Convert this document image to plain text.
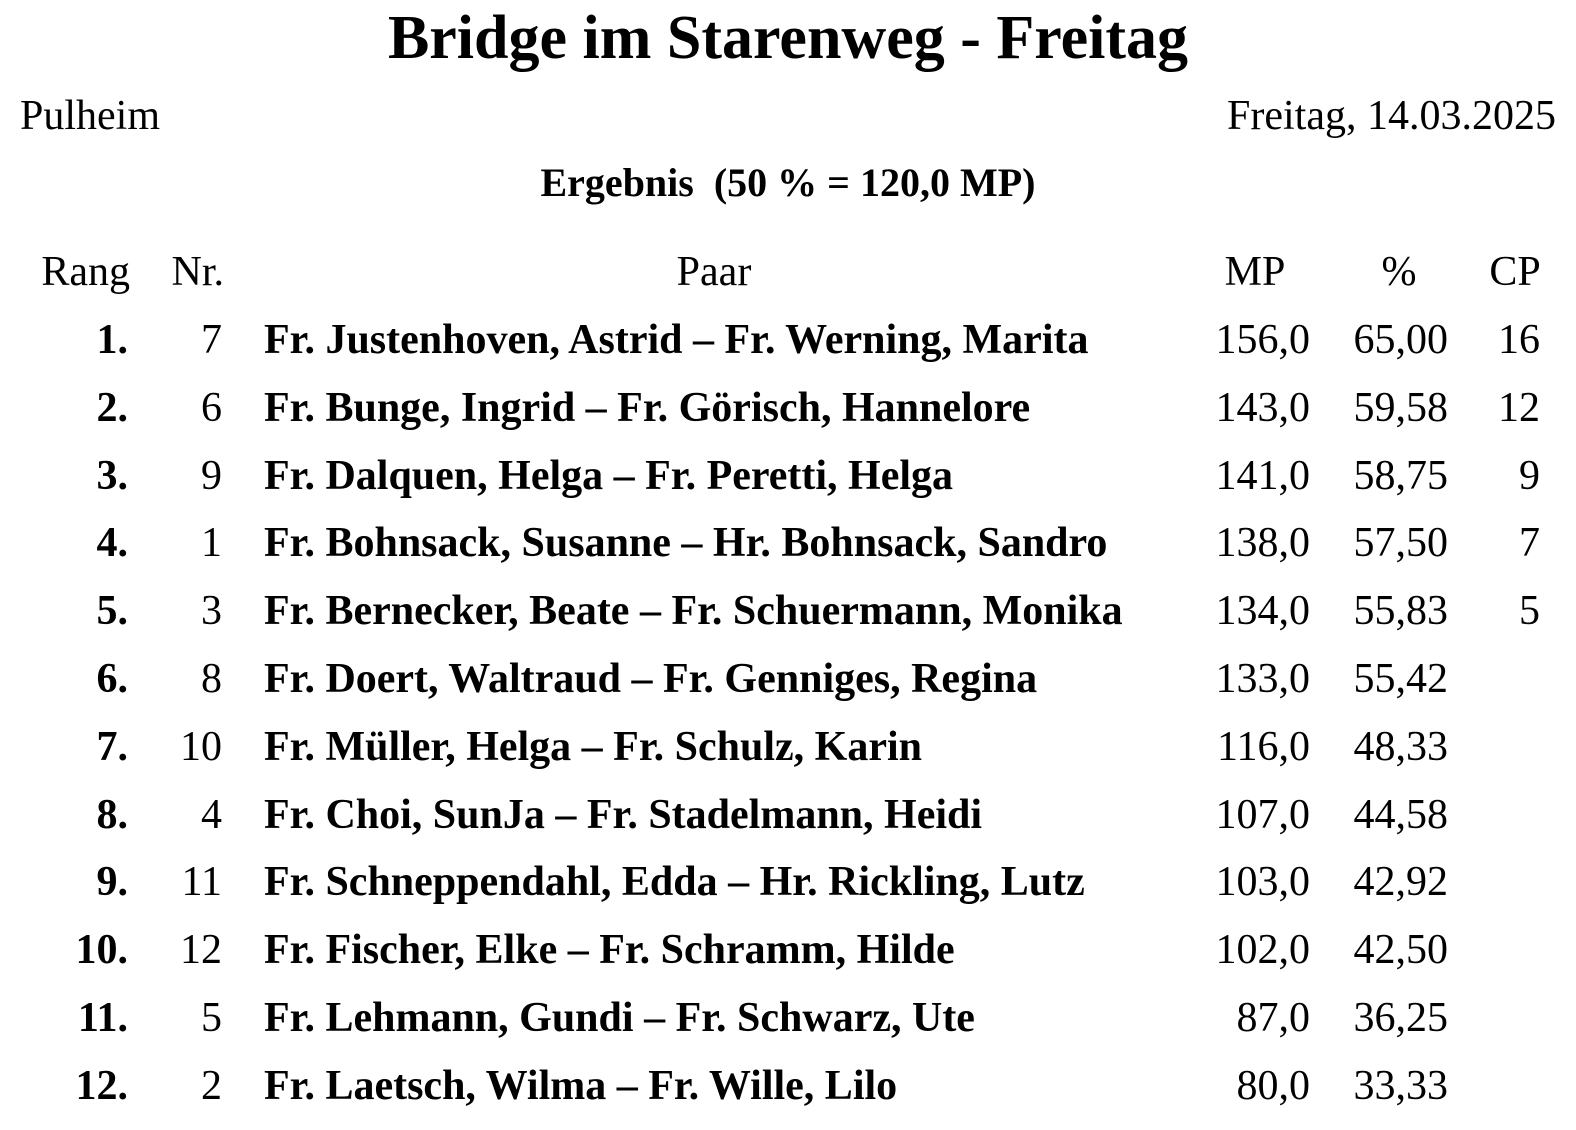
Bridge im Starenweg - Freitag
Pulheim	Freitag, 14.03.2025
Ergebnis  (50 % = 120,0 MP)
Rang Nr.	Paar	MP	%	CP
1.	7 Fr. Justenhoven, Astrid – Fr. Werning, Marita	156,0	65,00	16
2.	6 Fr. Bunge, Ingrid – Fr. Görisch, Hannelore	143,0	59,58	12
3.	9 Fr. Dalquen, Helga – Fr. Peretti, Helga	141,0	58,75	9
4.	1 Fr. Bohnsack, Susanne – Hr. Bohnsack, Sandro	138,0	57,50	7
5.	3 Fr. Bernecker, Beate – Fr. Schuermann, Monika	134,0	55,83	5
6.	8 Fr. Doert, Waltraud – Fr. Genniges, Regina	133,0	55,42
7.	10 Fr. Müller, Helga – Fr. Schulz, Karin	116,0	48,33
8.	4 Fr. Choi, SunJa – Fr. Stadelmann, Heidi	107,0	44,58
9.	11 Fr. Schneppendahl, Edda – Hr. Rickling, Lutz	103,0	42,92
10.	12 Fr. Fischer, Elke – Fr. Schramm, Hilde	102,0	42,50
11.	5 Fr. Lehmann, Gundi – Fr. Schwarz, Ute	87,0	36,25
12.	2 Fr. Laetsch, Wilma – Fr. Wille, Lilo	80,0	33,33
